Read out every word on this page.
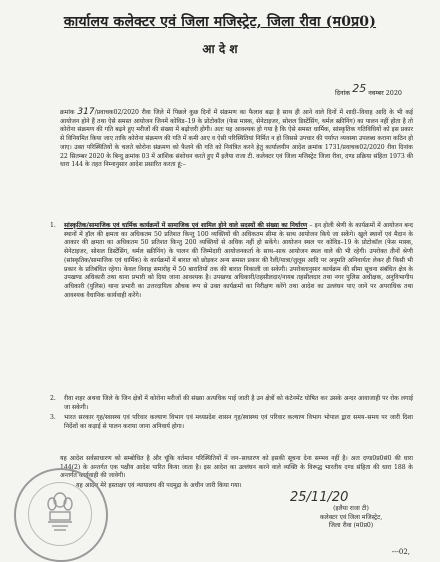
कार्यालय कलेक्टर एवं जिला मजिस्ट्रेट, जिला रीवा (म0प्र0)
आ दे श
दिनांक 25 नवम्बर 2020

क्रमांक 317/प्रवाचक02/2020 रीवा जिले में पिछले कुछ दिनों में संक्रमण का फैलाव बढ़ा है साथ ही आने वाले दिनों में शादी–विवाह आदि के भी कई आयोजन होने हैं तथा ऐसे समस्त आयोजन जिनमें कोविड–19 के प्रोटोकॉल (फेस मास्क, सेनेटाइजर, सोशल डिस्टेंसिंग, थर्मल स्क्रीनिंग) का पालन नहीं होता है तो कोरोना संक्रमण की गति बढ़ने हुए मरीजों की संख्या में बढ़ोत्तरी होगी। अतः यह आवश्यक हो गया है कि ऐसे समस्त धार्मिक, सांस्कृतिक गतिविधियों को इस प्रकार से विनियमित किया जाए ताकि कोरोना संक्रमण की गति में कमी आए व ऐसी परिस्थितियां निर्मित न हो जिससे उपचार की पर्याप्त व्यवस्था उपलब्ध कराना कठिन हो जाए। उक्त परिस्थितियों के चलते कोरोना संक्रमण को फैलने की गति को नियंत्रित करने हेतु कार्यालयीन आदेश क्रमांक 1731/प्रवाचक02/2020 रीवा दिनांक 22 सितम्बर 2020 के बिन्दु क्रमांक 03 में आंशिक संशोधन करते हुए मैं इलैया राजा टी. कलेक्टर एवं जिला मजिस्ट्रेट जिला रीवा, दण्ड प्रक्रिया संहिता 1973 की धारा 144 के तहत निम्नानुसार आदेश प्रसारित करता हूं:–

1. सांस्कृतिक/सामाजिक एवं धार्मिक कार्यक्रमों में सामाजिक एवं शामिल होने वाले सदस्यों की संख्या का निर्धारण – इन होली श्रेणी के कार्यक्रमों में आयोजन बन्द स्थानों में हॉल की क्षमता का अधिकतम 50 प्रतिशत किन्तु 100 व्यक्तियों की अधिकतम सीमा के साथ आयोजन किये जा सकेंगे। खुले स्थानों एवं मैदान के आकार की क्षमता का अधिकतम 50 प्रतिशत किन्तु 200 व्यक्तियों से अधिक नहीं हो सकेंगे। आयोजन स्थल पर कोविड–19 के प्रोटोकॉल (फेस मास्क, सेनेटाइजर, सोशल डिस्टेंसिंग, थर्मल स्क्रीनिंग) के पालन की जिम्मेदारी आयोजनकर्ता के साथ–साथ आयोजन स्थल वाले की भी रहेगी। उपरोक्त तीनों श्रेणी (सांस्कृतिक/सामाजिक एवं धार्मिक) के कार्यक्रमों में बारात को छोड़कर अन्य समस्त प्रकार की रैली/यात्रा/जुलूस आदि पर अनुमति अनिवार्यतः लेकर ही किसी भी प्रकार के प्रतिबंधित रहेगा। केवल विवाह समारोह में 50 बारातियों तक की बारात निकाली जा सकेगी। उपरोक्तानुसार कार्यक्रम की सीमा सूचना संबंधित क्षेत्र के उपखण्ड अधिकारी तथा थाना प्रभारी को दिया जाना आवश्यक है। उपखण्ड अधिकारी/तहसीलदार/नायब तहसीलदार तथा नगर पुलिस अधीक्षक, अनुविभागीय अधिकारी (पुलिस) थाना प्रभारी का उत्तरदायित्व औचक रूप से उक्त कार्यक्रमों का निरीक्षण करेंगे तथा आदेश का उल्लंघन पाए जाने पर अपराधिक तथा आवश्यक वैधानिक कार्यवाही करेंगे।
2. रीवा शहर अथवा जिले के जिन क्षेत्रों में कोरोना मरीजों की संख्या अत्यधिक पाई जाती है उन क्षेत्रों को कंटेनमेंट घोषित कर उसके अन्दर आवाजाही पर रोक लगाई जा सकेगी।
3. भारत सरकार गृह/स्वास्थ्य एवं परिवार कल्याण विभाग एवं मध्यप्रदेश शासन गृह/स्वास्थ्य एवं परिवार कल्याण विभाग भोपाल द्वारा समय–समय पर जारी दिशा निर्देशों का कड़ाई से पालन कराया जाना अनिवार्य होगा।

यह आदेश सर्वसाधारण को सम्बोधित है और चूंकि वर्तमान परिस्थितियों में जन–साधारण को इसकी सूचना देना सम्भव नहीं है। अतः दण्ड0प्र0सं0 की धारा 144(2) के अन्तर्गत एक पक्षीय आदेश पारित किया जाता है। इस आदेश का उल्लंघन करने वाले व्यक्ति के विरूद्ध भारतीय दण्ड संहिता की धारा 188 के अन्तर्गत कार्यवाही की जावेगी।

यह आदेश मेरे हस्ताक्षर एवं न्यायालय की पदमुद्रा के अधीन जारी किया गया।

25/11/20
(इलैया राजा टी)
कलेक्टर एवं जिला मजिस्ट्रेट,
जिला रीवा (म0प्र0)
---02,
